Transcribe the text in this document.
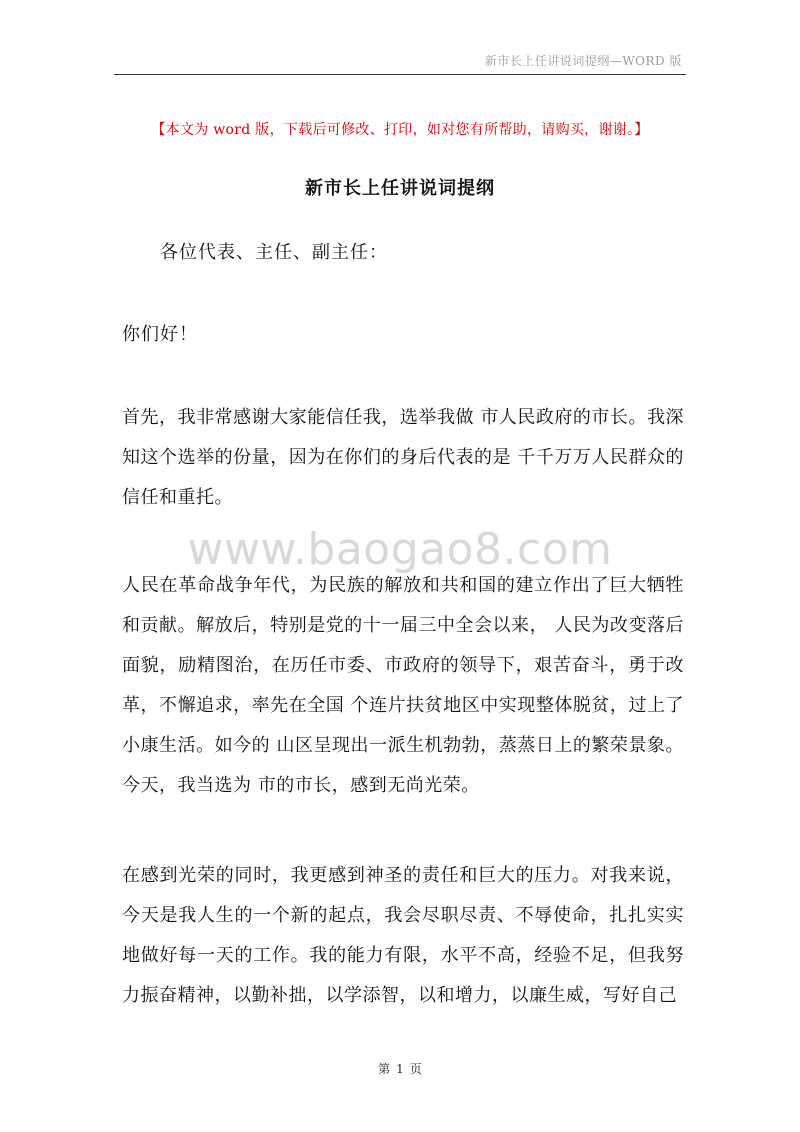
新市长上任讲说词提纲—WORD 版
【本文为 word 版，下载后可修改、打印，如对您有所帮助，请购买，谢谢。】
新市长上任讲说词提纲
各位代表、主任、副主任：
你们好！

首先，我非常感谢大家能信任我，选举我做 市人民政府的市长。我深知这个选举的份量，因为在你们的身后代表的是 千千万万人民群众的信任和重托。

www.baogao8.com

人民在革命战争年代，为民族的解放和共和国的建立作出了巨大牺牲和贡献。解放后，特别是党的十一届三中全会以来， 人民为改变落后面貌，励精图治，在历任市委、市政府的领导下，艰苦奋斗，勇于改革，不懈追求，率先在全国 个连片扶贫地区中实现整体脱贫，过上了小康生活。如今的 山区呈现出一派生机勃勃，蒸蒸日上的繁荣景象。今天，我当选为 市的市长，感到无尚光荣。

在感到光荣的同时，我更感到神圣的责任和巨大的压力。对我来说，今天是我人生的一个新的起点，我会尽职尽责、不辱使命，扎扎实实地做好每一天的工作。我的能力有限，水平不高，经验不足，但我努力振奋精神，以勤补拙，以学添智，以和增力，以廉生威，写好自己

第 1 页
